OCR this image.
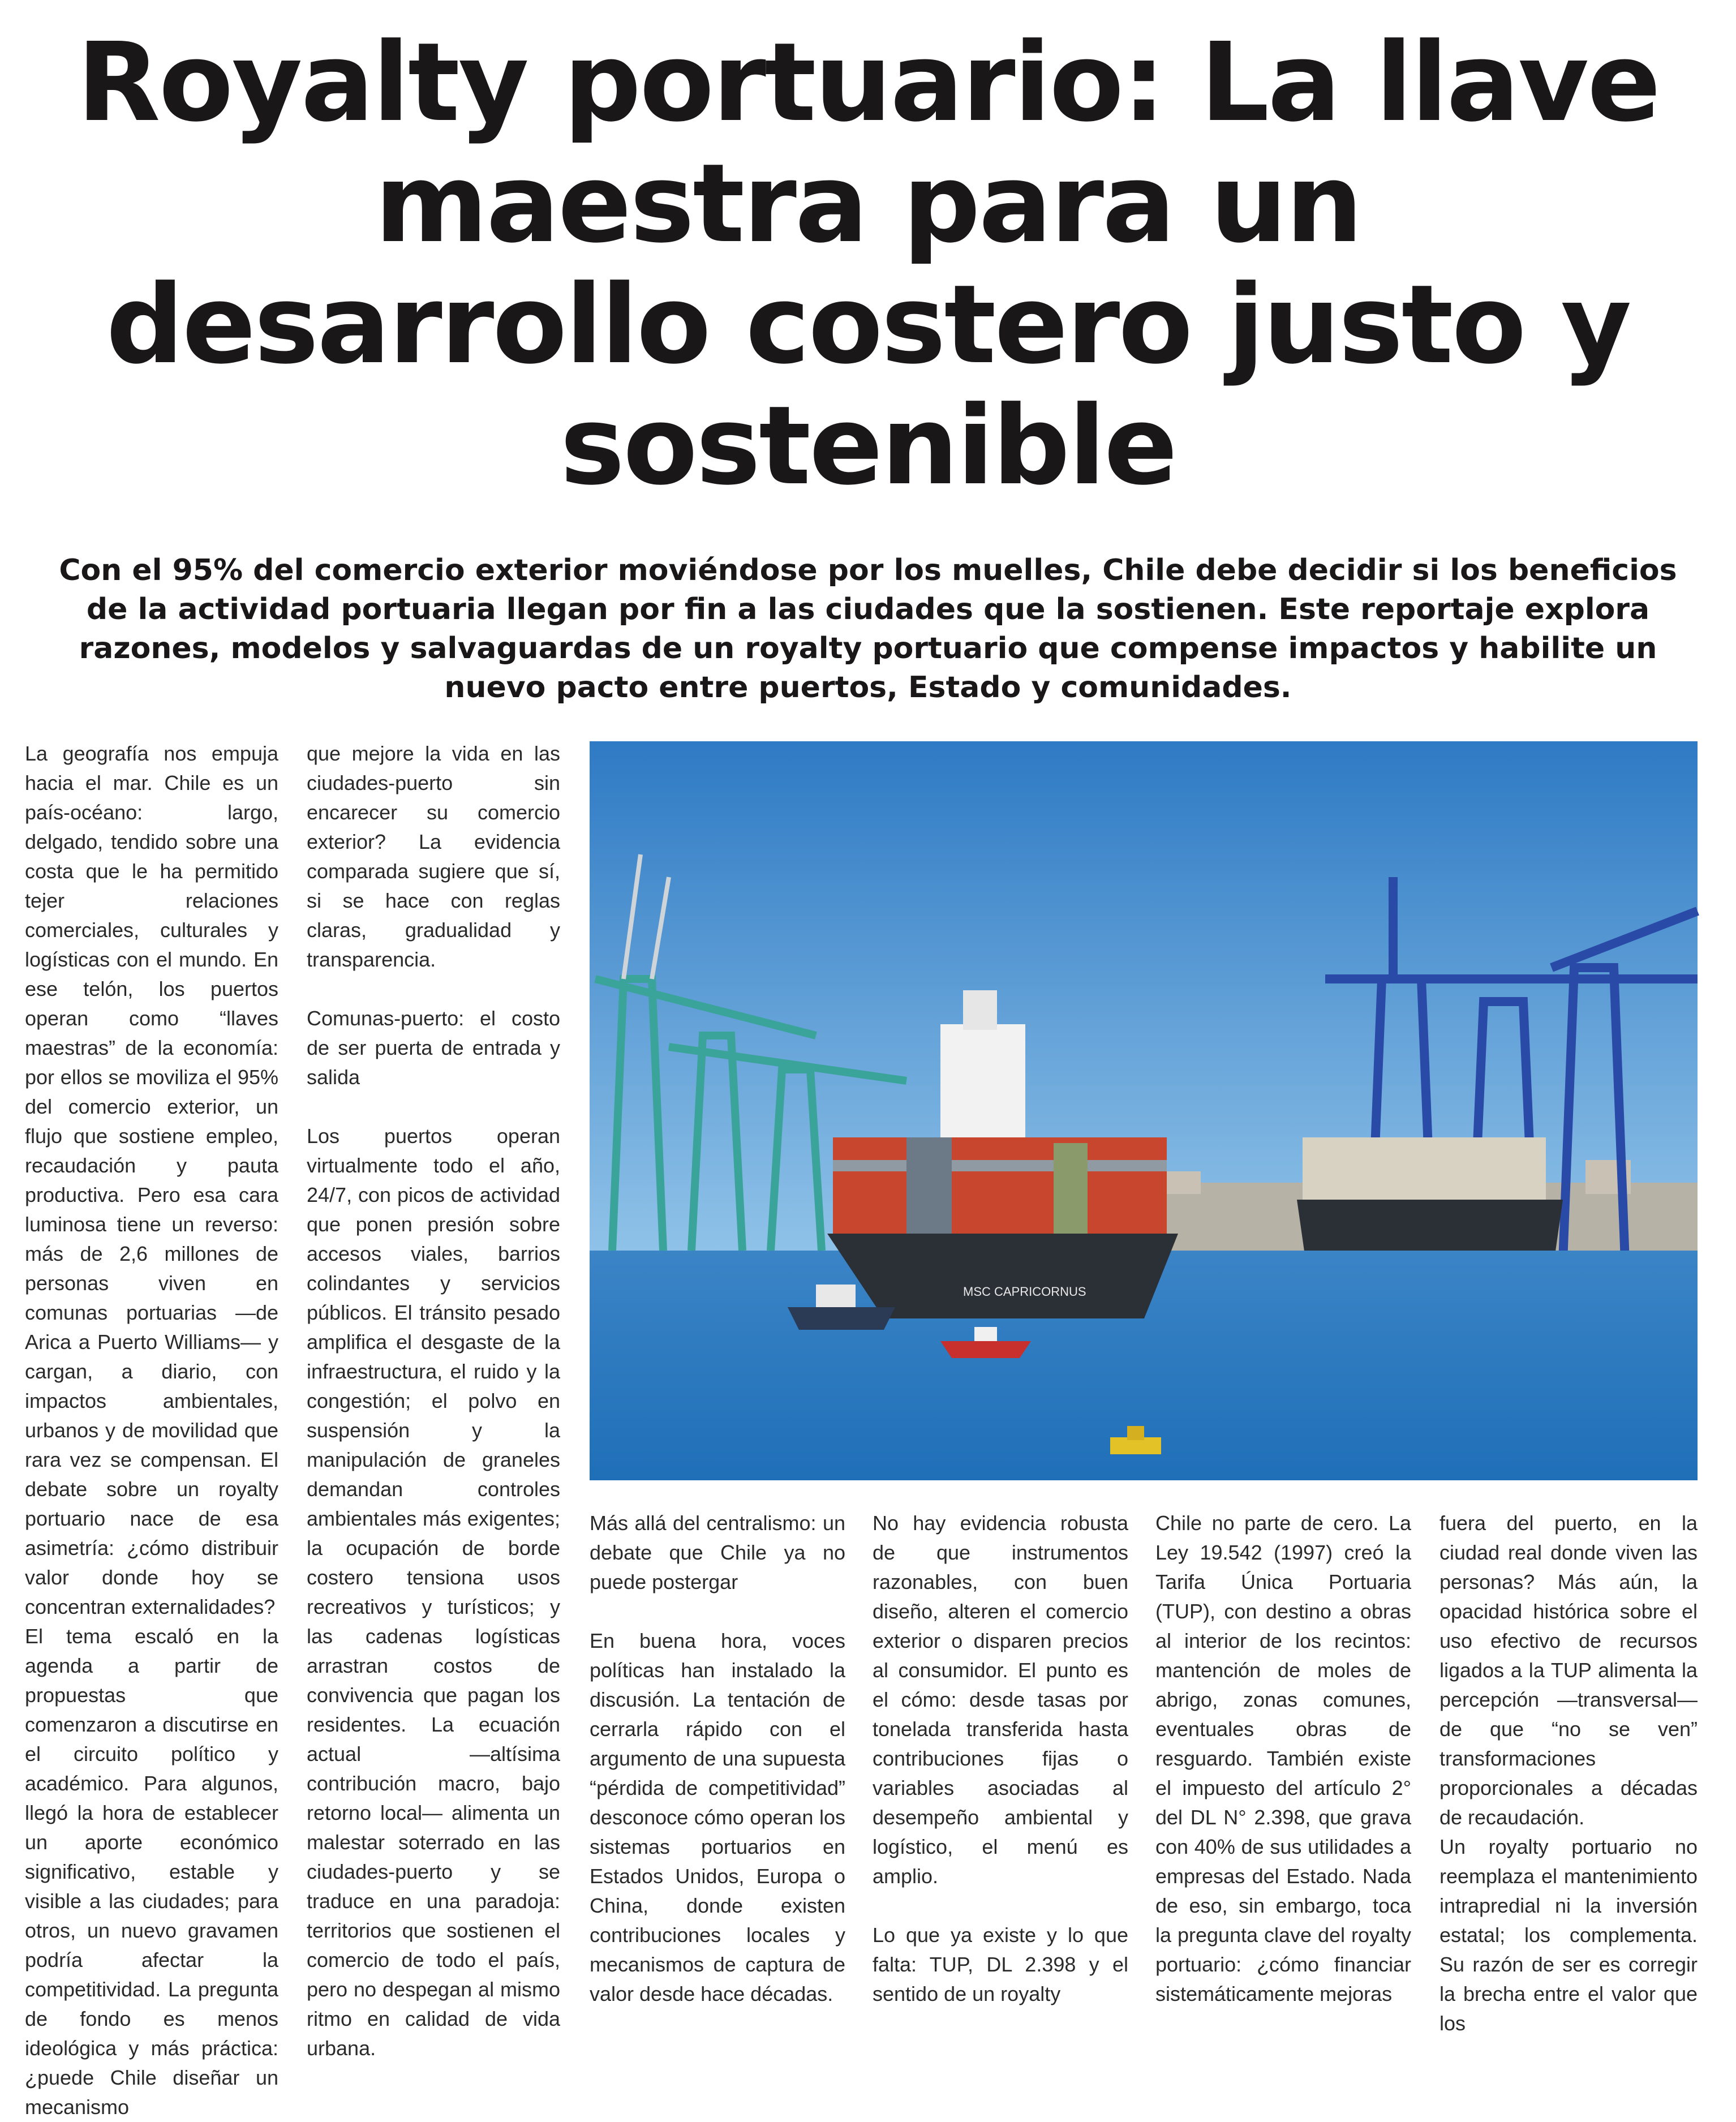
Royalty portuario: La llave maestra para un desarrollo costero justo y sostenible

Con el 95% del comercio exterior moviéndose por los muelles, Chile debe decidir si los beneficios de la actividad portuaria llegan por fin a las ciudades que la sostienen. Este reportaje explora razones, modelos y salvaguardas de un royalty portuario que compense impactos y habilite un nuevo pacto entre puertos, Estado y comunidades.

La geografía nos empuja hacia el mar. Chile es un país-océano: largo, delgado, tendido sobre una costa que le ha permitido tejer relaciones comerciales, culturales y logísticas con el mundo. En ese telón, los puertos operan como “llaves maestras” de la economía: por ellos se moviliza el 95% del comercio exterior, un flujo que sostiene empleo, recaudación y pauta productiva. Pero esa cara luminosa tiene un reverso: más de 2,6 millones de personas viven en comunas portuarias —de Arica a Puerto Williams— y cargan, a diario, con impactos ambientales, urbanos y de movilidad que rara vez se compensan. El debate sobre un royalty portuario nace de esa asimetría: ¿cómo distribuir valor donde hoy se concentran externalidades?

El tema escaló en la agenda a partir de propuestas que comenzaron a discutirse en el circuito político y académico. Para algunos, llegó la hora de establecer un aporte económico significativo, estable y visible a las ciudades; para otros, un nuevo gravamen podría afectar la competitividad. La pregunta de fondo es menos ideológica y más práctica: ¿puede Chile diseñar un mecanismo

que mejore la vida en las ciudades-puerto sin encarecer su comercio exterior? La evidencia comparada sugiere que sí, si se hace con reglas claras, gradualidad y transparencia.

Comunas-puerto: el costo de ser puerta de entrada y salida

Los puertos operan virtualmente todo el año, 24/7, con picos de actividad que ponen presión sobre accesos viales, barrios colindantes y servicios públicos. El tránsito pesado amplifica el desgaste de la infraestructura, el ruido y la congestión; el polvo en suspensión y la manipulación de graneles demandan controles ambientales más exigentes; la ocupación de borde costero tensiona usos recreativos y turísticos; y las cadenas logísticas arrastran costos de convivencia que pagan los residentes. La ecuación actual —altísima contribución macro, bajo retorno local— alimenta un malestar soterrado en las ciudades-puerto y se traduce en una paradoja: territorios que sostienen el comercio de todo el país, pero no despegan al mismo ritmo en calidad de vida urbana.

MSC CAPRICORNUS

Más allá del centralismo: un debate que Chile ya no puede postergar

En buena hora, voces políticas han instalado la discusión. La tentación de cerrarla rápido con el argumento de una supuesta “pérdida de competitividad” desconoce cómo operan los sistemas portuarios en Estados Unidos, Europa o China, donde existen contribuciones locales y mecanismos de captura de valor desde hace décadas.

No hay evidencia robusta de que instrumentos razonables, con buen diseño, alteren el comercio exterior o disparen precios al consumidor. El punto es el cómo: desde tasas por tonelada transferida hasta contribuciones fijas o variables asociadas al desempeño ambiental y logístico, el menú es amplio.

Lo que ya existe y lo que falta: TUP, DL 2.398 y el sentido de un royalty

Chile no parte de cero. La Ley 19.542 (1997) creó la Tarifa Única Portuaria (TUP), con destino a obras al interior de los recintos: mantención de moles de abrigo, zonas comunes, eventuales obras de resguardo. También existe el impuesto del artículo 2° del DL N° 2.398, que grava con 40% de sus utilidades a empresas del Estado. Nada de eso, sin embargo, toca la pregunta clave del royalty portuario: ¿cómo financiar sistemáticamente mejoras

fuera del puerto, en la ciudad real donde viven las personas? Más aún, la opacidad histórica sobre el uso efectivo de recursos ligados a la TUP alimenta la percepción —transversal— de que “no se ven” transformaciones proporcionales a décadas de recaudación.

Un royalty portuario no reemplaza el mantenimiento intrapredial ni la inversión estatal; los complementa. Su razón de ser es corregir la brecha entre el valor que los
